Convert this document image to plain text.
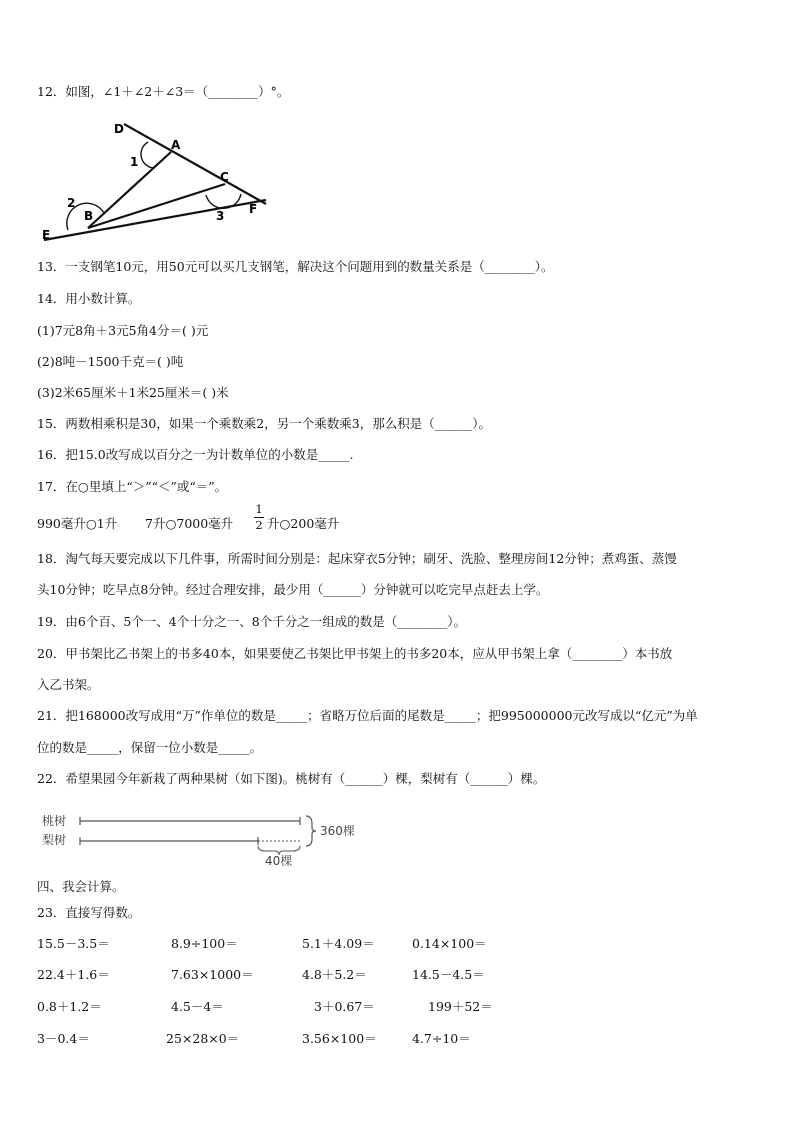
12．如图，∠1＋∠2＋∠3＝（________）°。
D
A
1
C
2
B	3 F
E
13．一支钢笔10元，用50元可以买几支钢笔，解决这个问题用到的数量关系是（________）。
14．用小数计算。
(1)7元8角＋3元5角4分＝( )元
(2)8吨－1500千克＝( )吨
(3)2米65厘米＋1米25厘米＝( )米
15．两数相乘积是30，如果一个乘数乘2，另一个乘数乘3，那么积是（______）。
16．把15.0改写成以百分之一为计数单位的小数是_____.
17．在○里填上“＞”“＜”或“＝”。
990毫升○1升 7升○7000毫升
1
2 升○200毫升
18．淘气每天要完成以下几件事，所需时间分别是：起床穿衣5分钟；刷牙、洗脸、整理房间12分钟；煮鸡蛋、蒸馒
头10分钟；吃早点8分钟。经过合理安排，最少用（______）分钟就可以吃完早点赶去上学。
19．由6个百、5个一、4个十分之一、8个千分之一组成的数是（________）。
20．甲书架比乙书架上的书多40本，如果要使乙书架比甲书架上的书多20本，应从甲书架上拿（________）本书放
入乙书架。
21．把168000改写成用“万”作单位的数是_____；省略万位后面的尾数是_____；把995000000元改写成以“亿元”为单
位的数是_____，保留一位小数是_____。
22．希望果园今年新栽了两种果树（如下图)。桃树有（______）棵，梨树有（______）棵。
桃树
梨树
360棵
40棵
四、我会计算。
23．直接写得数。
15.5－3.5＝	8.9÷100＝	5.1＋4.09＝	0.14×100＝
22.4＋1.6＝	7.63×1000＝	4.8＋5.2＝	14.5－4.5＝
0.8＋1.2＝	4.5－4＝	3＋0.67＝	199＋52＝
3－0.4＝	25×28×0＝	3.56×100＝	4.7÷10＝
